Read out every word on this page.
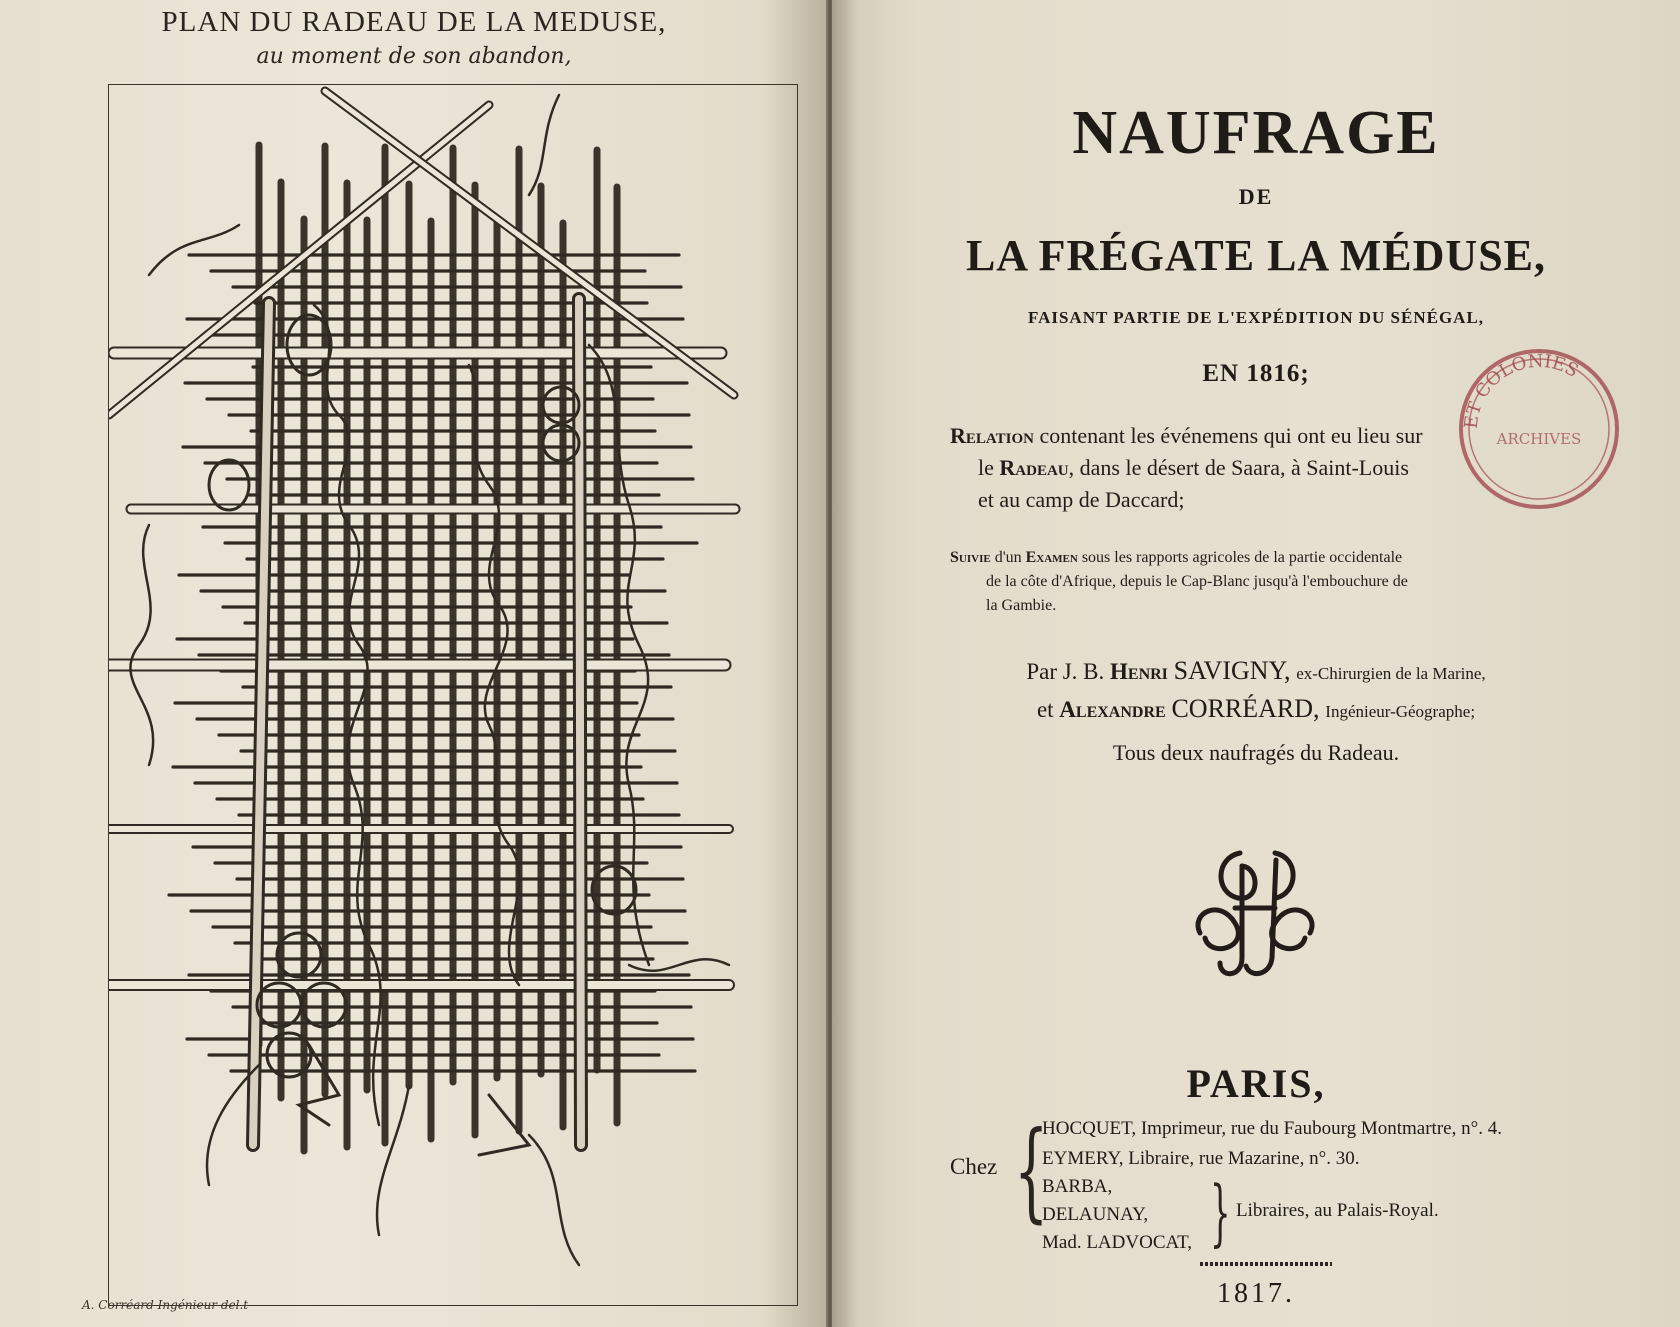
PLAN DU RADEAU DE LA MEDUSE,
au moment de son abandon,
A. Corréard Ingénieur del.t
NAUFRAGE
DE
LA FRÉGATE LA MÉDUSE,
FAISANT PARTIE DE L'EXPÉDITION DU SÉNÉGAL,
EN 1816;
Relation contenant les événemens qui ont eu lieu sur
le Radeau, dans le désert de Saara, à Saint-Louis
et au camp de Daccard;
Suivie d'un Examen sous les rapports agricoles de la partie occidentale
de la côte d'Afrique, depuis le Cap-Blanc jusqu'à l'embouchure de
la Gambie.
Par J. B. Henri SAVIGNY, ex-Chirurgien de la Marine,
et Alexandre CORRÉARD, Ingénieur-Géographe;
Tous deux naufragés du Radeau.
ET COLONIES
ARCHIVES
PARIS,
Chez {
HOCQUET, Imprimeur, rue du Faubourg Montmartre, n°. 4.
EYMERY, Libraire, rue Mazarine, n°. 30.
BARBA,
DELAUNAY,
Mad. LADVOCAT, } Libraires, au Palais-Royal.
1817.
